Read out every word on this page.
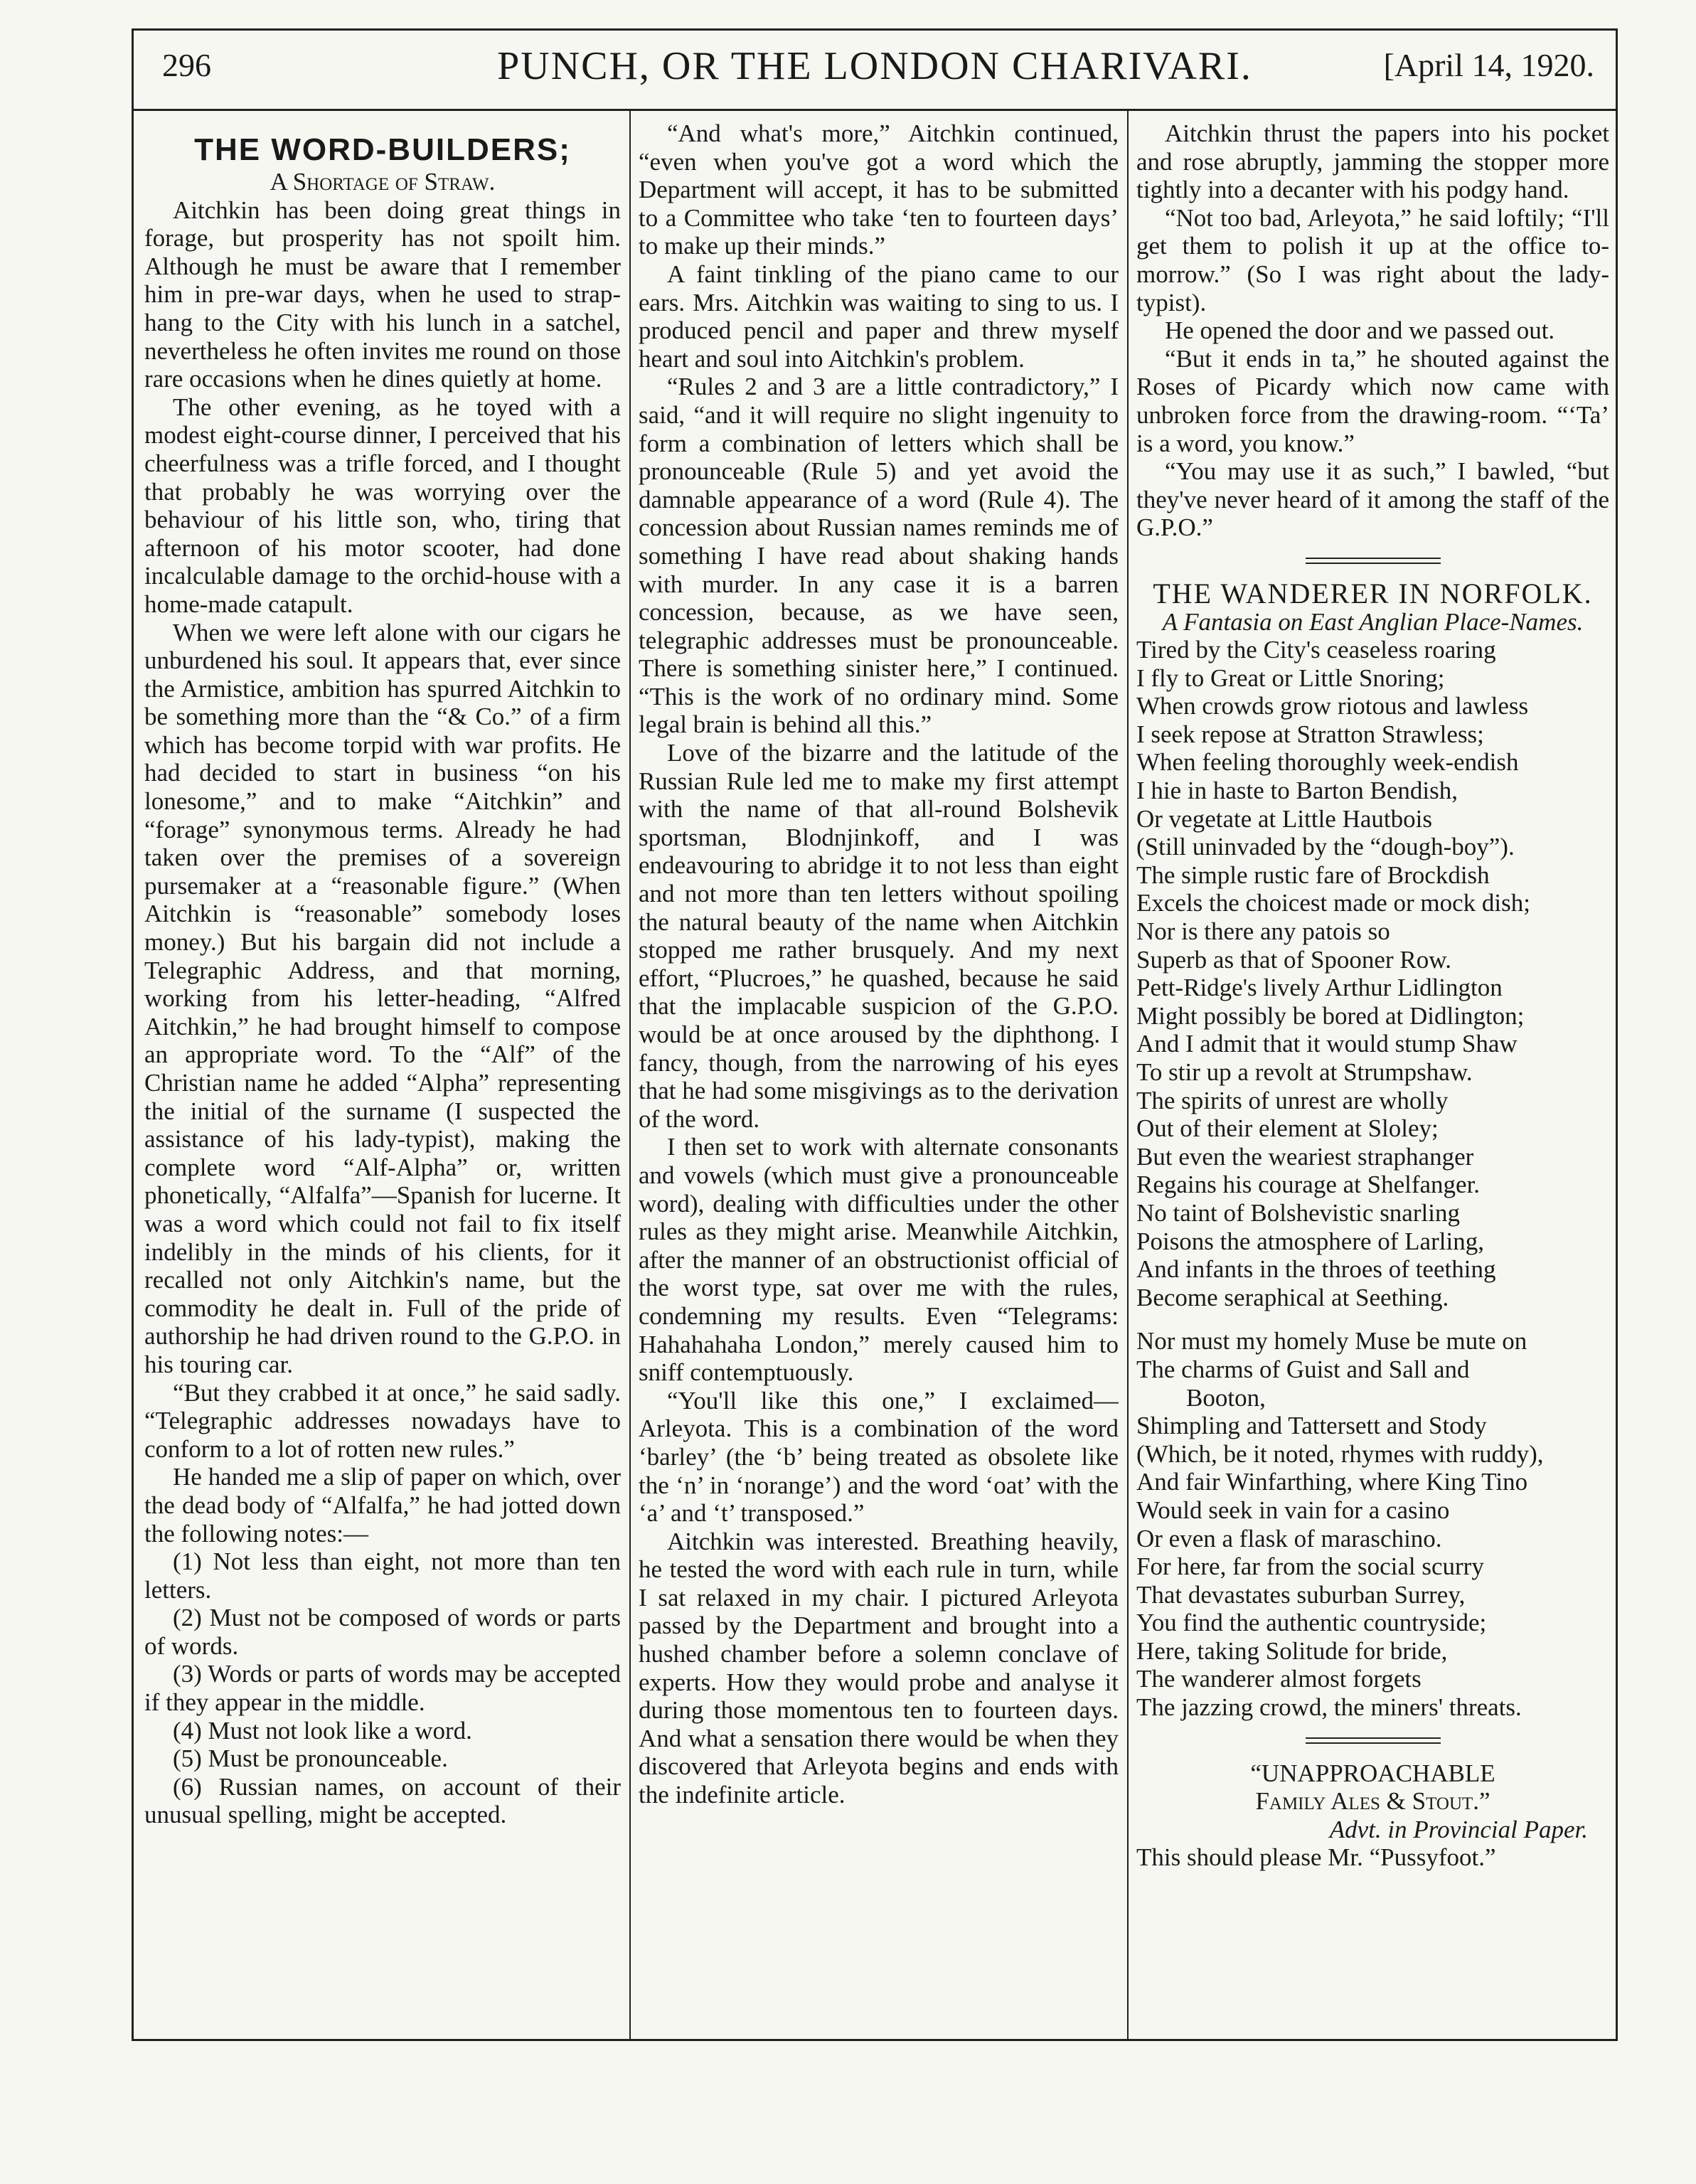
296	PUNCH, OR THE LONDON CHARIVARI.	[April 14, 1920.
THE WORD-BUILDERS;

A Shortage of Straw.

Aitchkin has been doing great things in forage, but prosperity has not spoilt him. Although he must be aware that I remember him in pre-war days, when he used to strap-hang to the City with his lunch in a satchel, nevertheless he often invites me round on those rare occasions when he dines quietly at home.

The other evening, as he toyed with a modest eight-course dinner, I perceived that his cheerfulness was a trifle forced, and I thought that probably he was worrying over the behaviour of his little son, who, tiring that afternoon of his motor scooter, had done incalculable damage to the orchid-house with a home-made catapult.

When we were left alone with our cigars he unburdened his soul. It appears that, ever since the Armistice, ambition has spurred Aitchkin to be something more than the “& Co.” of a firm which has become torpid with war profits. He had decided to start in business “on his lonesome,” and to make “Aitchkin” and “forage” synonymous terms. Already he had taken over the premises of a sovereign pursemaker at a “reasonable figure.” (When Aitchkin is “reasonable” somebody loses money.) But his bargain did not include a Telegraphic Address, and that morning, working from his letter-heading, “Alfred Aitchkin,” he had brought himself to compose an appropriate word. To the “Alf” of the Christian name he added “Alpha” representing the initial of the surname (I suspected the assistance of his lady-typist), making the complete word “Alf-Alpha” or, written phonetically, “Alfalfa”—Spanish for lucerne. It was a word which could not fail to fix itself indelibly in the minds of his clients, for it recalled not only Aitchkin's name, but the commodity he dealt in. Full of the pride of authorship he had driven round to the G.P.O. in his touring car.

“But they crabbed it at once,” he said sadly. “Telegraphic addresses nowadays have to conform to a lot of rotten new rules.”

He handed me a slip of paper on which, over the dead body of “Alfalfa,” he had jotted down the following notes:—

(1) Not less than eight, not more than ten letters.

(2) Must not be composed of words or parts of words.

(3) Words or parts of words may be accepted if they appear in the middle.

(4) Must not look like a word.

(5) Must be pronounceable.

(6) Russian names, on account of their unusual spelling, might be accepted.

“And what's more,” Aitchkin continued, “even when you've got a word which the Department will accept, it has to be submitted to a Committee who take ‘ten to fourteen days’ to make up their minds.”

A faint tinkling of the piano came to our ears. Mrs. Aitchkin was waiting to sing to us. I produced pencil and paper and threw myself heart and soul into Aitchkin's problem.

“Rules 2 and 3 are a little contradictory,” I said, “and it will require no slight ingenuity to form a combination of letters which shall be pronounceable (Rule 5) and yet avoid the damnable appearance of a word (Rule 4). The concession about Russian names reminds me of something I have read about shaking hands with murder. In any case it is a barren concession, because, as we have seen, telegraphic addresses must be pronounceable. There is something sinister here,” I continued. “This is the work of no ordinary mind. Some legal brain is behind all this.”

Love of the bizarre and the latitude of the Russian Rule led me to make my first attempt with the name of that all-round Bolshevik sportsman, Blodnjinkoff, and I was endeavouring to abridge it to not less than eight and not more than ten letters without spoiling the natural beauty of the name when Aitchkin stopped me rather brusquely. And my next effort, “Plucroes,” he quashed, because he said that the implacable suspicion of the G.P.O. would be at once aroused by the diphthong. I fancy, though, from the narrowing of his eyes that he had some misgivings as to the derivation of the word.

I then set to work with alternate consonants and vowels (which must give a pronounceable word), dealing with difficulties under the other rules as they might arise. Meanwhile Aitchkin, after the manner of an obstructionist official of the worst type, sat over me with the rules, condemning my results. Even “Telegrams: Hahahahaha London,” merely caused him to sniff contemptuously.

“You'll like this one,” I exclaimed—Arleyota. This is a combination of the word ‘barley’ (the ‘b’ being treated as obsolete like the ‘n’ in ‘norange’) and the word ‘oat’ with the ‘a’ and ‘t’ transposed.”

Aitchkin was interested. Breathing heavily, he tested the word with each rule in turn, while I sat relaxed in my chair. I pictured Arleyota passed by the Department and brought into a hushed chamber before a solemn conclave of experts. How they would probe and analyse it during those momentous ten to fourteen days. And what a sensation there would be when they discovered that Arleyota begins and ends with the indefinite article.

Aitchkin thrust the papers into his pocket and rose abruptly, jamming the stopper more tightly into a decanter with his podgy hand.

“Not too bad, Arleyota,” he said loftily; “I'll get them to polish it up at the office to-morrow.” (So I was right about the lady-typist).

He opened the door and we passed out.

“But it ends in ta,” he shouted against the Roses of Picardy which now came with unbroken force from the drawing-room. “‘Ta’ is a word, you know.”

“You may use it as such,” I bawled, “but they've never heard of it among the staff of the G.P.O.”

THE WANDERER IN NORFOLK.

A Fantasia on East Anglian Place-Names.

Tired by the City's ceaseless roaring
I fly to Great or Little Snoring;
When crowds grow riotous and lawless
I seek repose at Stratton Strawless;
When feeling thoroughly week-endish
I hie in haste to Barton Bendish,
Or vegetate at Little Hautbois
(Still uninvaded by the “dough-boy”).
The simple rustic fare of Brockdish
Excels the choicest made or mock dish;
Nor is there any patois so
Superb as that of Spooner Row.
Pett-Ridge's lively Arthur Lidlington
Might possibly be bored at Didlington;
And I admit that it would stump Shaw
To stir up a revolt at Strumpshaw.
The spirits of unrest are wholly
Out of their element at Sloley;
But even the weariest straphanger
Regains his courage at Shelfanger.
No taint of Bolshevistic snarling
Poisons the atmosphere of Larling,
And infants in the throes of teething
Become seraphical at Seething.
Nor must my homely Muse be mute on
The charms of Guist and Sall and
Booton,
Shimpling and Tattersett and Stody
(Which, be it noted, rhymes with ruddy),
And fair Winfarthing, where King Tino
Would seek in vain for a casino
Or even a flask of maraschino.
For here, far from the social scurry
That devastates suburban Surrey,
You find the authentic countryside;
Here, taking Solitude for bride,
The wanderer almost forgets
The jazzing crowd, the miners' threats.

“UNAPPROACHABLE

Family Ales & Stout.”

Advt. in Provincial Paper.

This should please Mr. “Pussyfoot.”
